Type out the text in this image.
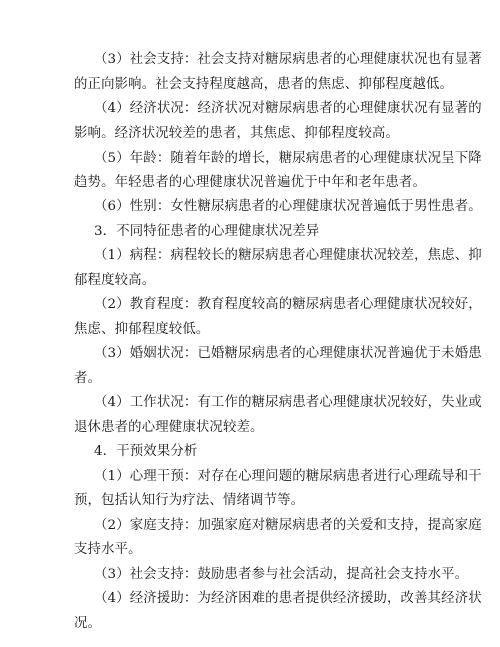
（3）社会支持：社会支持对糖尿病患者的心理健康状况也有显著
的正向影响。社会支持程度越高，患者的焦虑、抑郁程度越低。
（4）经济状况：经济状况对糖尿病患者的心理健康状况有显著的
影响。经济状况较差的患者，其焦虑、抑郁程度较高。
（5）年龄：随着年龄的增长，糖尿病患者的心理健康状况呈下降
趋势。年轻患者的心理健康状况普遍优于中年和老年患者。
（6）性别：女性糖尿病患者的心理健康状况普遍低于男性患者。
3．不同特征患者的心理健康状况差异
（1）病程：病程较长的糖尿病患者心理健康状况较差，焦虑、抑
郁程度较高。
（2）教育程度：教育程度较高的糖尿病患者心理健康状况较好，
焦虑、抑郁程度较低。
（3）婚姻状况：已婚糖尿病患者的心理健康状况普遍优于未婚患
者。
（4）工作状况：有工作的糖尿病患者心理健康状况较好，失业或
退休患者的心理健康状况较差。
4．干预效果分析
（1）心理干预：对存在心理问题的糖尿病患者进行心理疏导和干
预，包括认知行为疗法、情绪调节等。
（2）家庭支持：加强家庭对糖尿病患者的关爱和支持，提高家庭
支持水平。
（3）社会支持：鼓励患者参与社会活动，提高社会支持水平。
（4）经济援助：为经济困难的患者提供经济援助，改善其经济状
况。
